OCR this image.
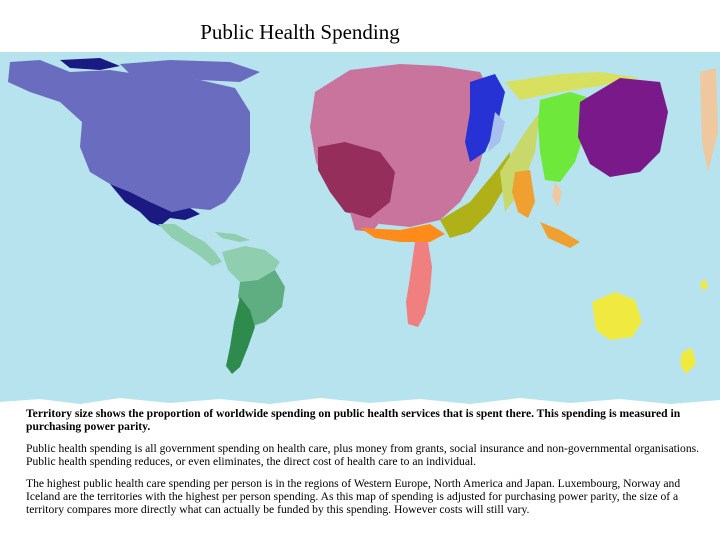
Public Health Spending

Territory size shows the proportion of worldwide spending on public health services that is spent there. This spending is measured in purchasing power parity.

Public health spending is all government spending on health care, plus money from grants, social insurance and non-governmental organisations. Public health spending reduces, or even eliminates, the direct cost of health care to an individual.

The highest public health care spending per person is in the regions of Western Europe, North America and Japan. Luxembourg, Norway and Iceland are the territories with the highest per person spending. As this map of spending is adjusted for purchasing power parity, the size of a territory compares more directly what can actually be funded by this spending. However costs will still vary.
